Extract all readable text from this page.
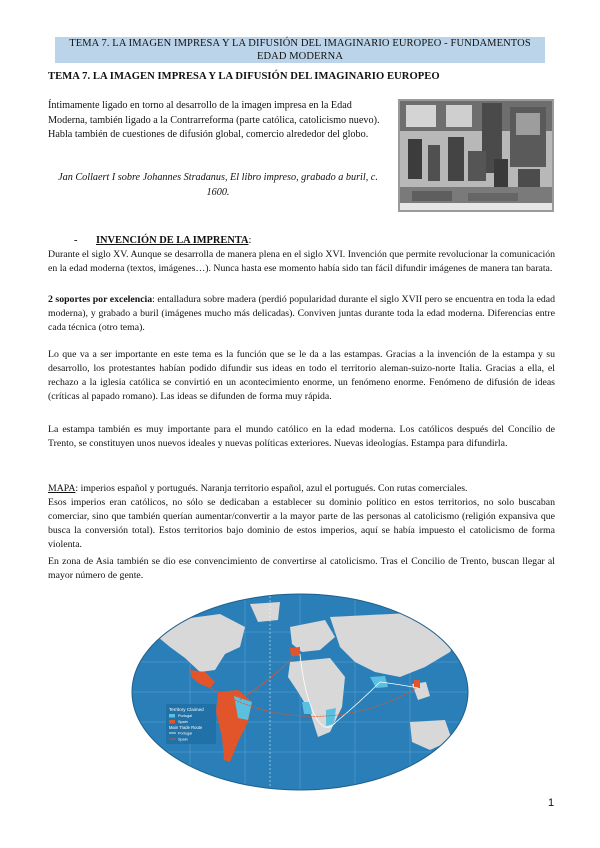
TEMA 7. LA IMAGEN IMPRESA Y LA DIFUSIÓN DEL IMAGINARIO EUROPEO - FUNDAMENTOS
EDAD MODERNA
TEMA 7. LA IMAGEN IMPRESA Y LA DIFUSIÓN DEL IMAGINARIO EUROPEO
Íntimamente ligado en torno al desarrollo de la imagen impresa en la Edad Moderna, también ligado a la Contrarreforma (parte católica, catolicismo nuevo). Habla también de cuestiones de difusión global, comercio alrededor del globo.
Jan Collaert I sobre Johannes Stradanus, El libro impreso, grabado a buril, c. 1600.
- INVENCIÓN DE LA IMPRENTA:
Durante el siglo XV. Aunque se desarrolla de manera plena en el siglo XVI. Invención que permite revolucionar la comunicación en la edad moderna (textos, imágenes…). Nunca hasta ese momento había sido tan fácil difundir imágenes de manera tan barata.
2 soportes por excelencia: entalladura sobre madera (perdió popularidad durante el siglo XVII pero se encuentra en toda la edad moderna), y grabado a buril (imágenes mucho más delicadas). Conviven juntas durante toda la edad moderna. Diferencias entre cada técnica (otro tema).
Lo que va a ser importante en este tema es la función que se le da a las estampas. Gracias a la invención de la estampa y su desarrollo, los protestantes habían podido difundir sus ideas en todo el territorio aleman-suizo-norte Italia. Gracias a ella, el rechazo a la iglesia católica se convirtió en un acontecimiento enorme, un fenómeno enorme. Fenómeno de difusión de ideas (críticas al papado romano). Las ideas se difunden de forma muy rápida.
La estampa también es muy importante para el mundo católico en la edad moderna. Los católicos después del Concilio de Trento, se constituyen unos nuevos ideales y nuevas políticas exteriores. Nuevas ideologías. Estampa para difundirla.
MAPA: imperios español y portugués. Naranja territorio español, azul el portugués. Con rutas comerciales.
Esos imperios eran católicos, no sólo se dedicaban a establecer su dominio político en estos territorios, no solo buscaban comerciar, sino que también querían aumentar/convertir a la mayor parte de las personas al catolicismo (religión expansiva que busca la conversión total). Estos territorios bajo dominio de estos imperios, aquí se había impuesto el catolicismo de forma violenta.
En zona de Asia también se dio ese convencimiento de convertirse al catolicismo. Tras el Concilio de Trento, buscan llegar al mayor número de gente.
Territory Claimed
Portugal
Spain
Main Trade Route
Portugal
Spain
1
